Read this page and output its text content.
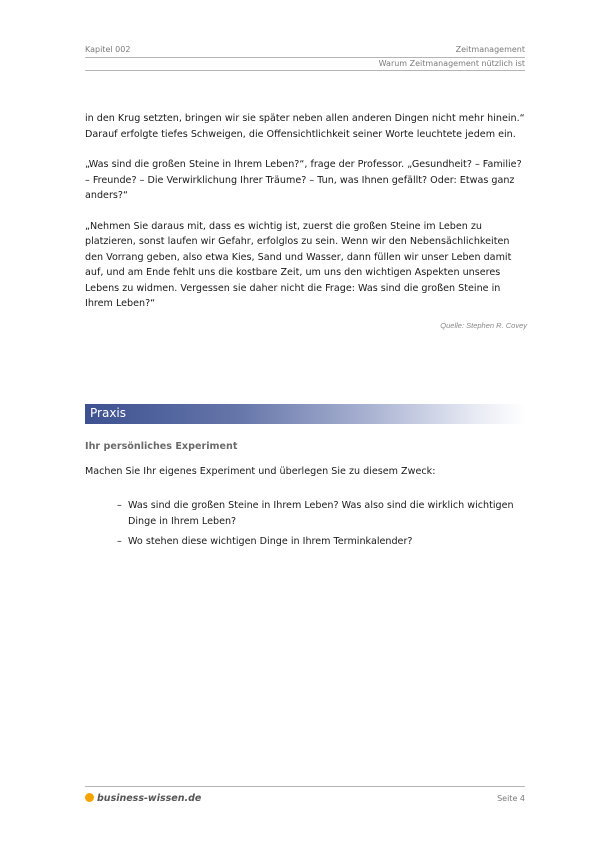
Kapitel 002	Zeitmanagement
Warum Zeitmanagement nützlich ist

in den Krug setzten, bringen wir sie später neben allen anderen Dingen nicht mehr hinein.“ Darauf erfolgte tiefes Schweigen, die Offensichtlichkeit seiner Worte leuchtete jedem ein.

„Was sind die großen Steine in Ihrem Leben?“, frage der Professor. „Gesundheit? – Familie? – Freunde? – Die Verwirklichung Ihrer Träume? – Tun, was Ihnen gefällt? Oder: Etwas ganz anders?“

„Nehmen Sie daraus mit, dass es wichtig ist, zuerst die großen Steine im Leben zu platzieren, sonst laufen wir Gefahr, erfolglos zu sein. Wenn wir den Nebensächlichkeiten den Vorrang geben, also etwa Kies, Sand und Wasser, dann füllen wir unser Leben damit auf, und am Ende fehlt uns die kostbare Zeit, um uns den wichtigen Aspekten unseres Lebens zu widmen. Vergessen sie daher nicht die Frage: Was sind die großen Steine in Ihrem Leben?“

Quelle: Stephen R. Covey
Praxis
Ihr persönliches Experiment
Machen Sie Ihr eigenes Experiment und überlegen Sie zu diesem Zweck:
– Was sind die großen Steine in Ihrem Leben? Was also sind die wirklich wichtigen Dinge in Ihrem Leben?
– Wo stehen diese wichtigen Dinge in Ihrem Terminkalender?
business-wissen.de	Seite 4
